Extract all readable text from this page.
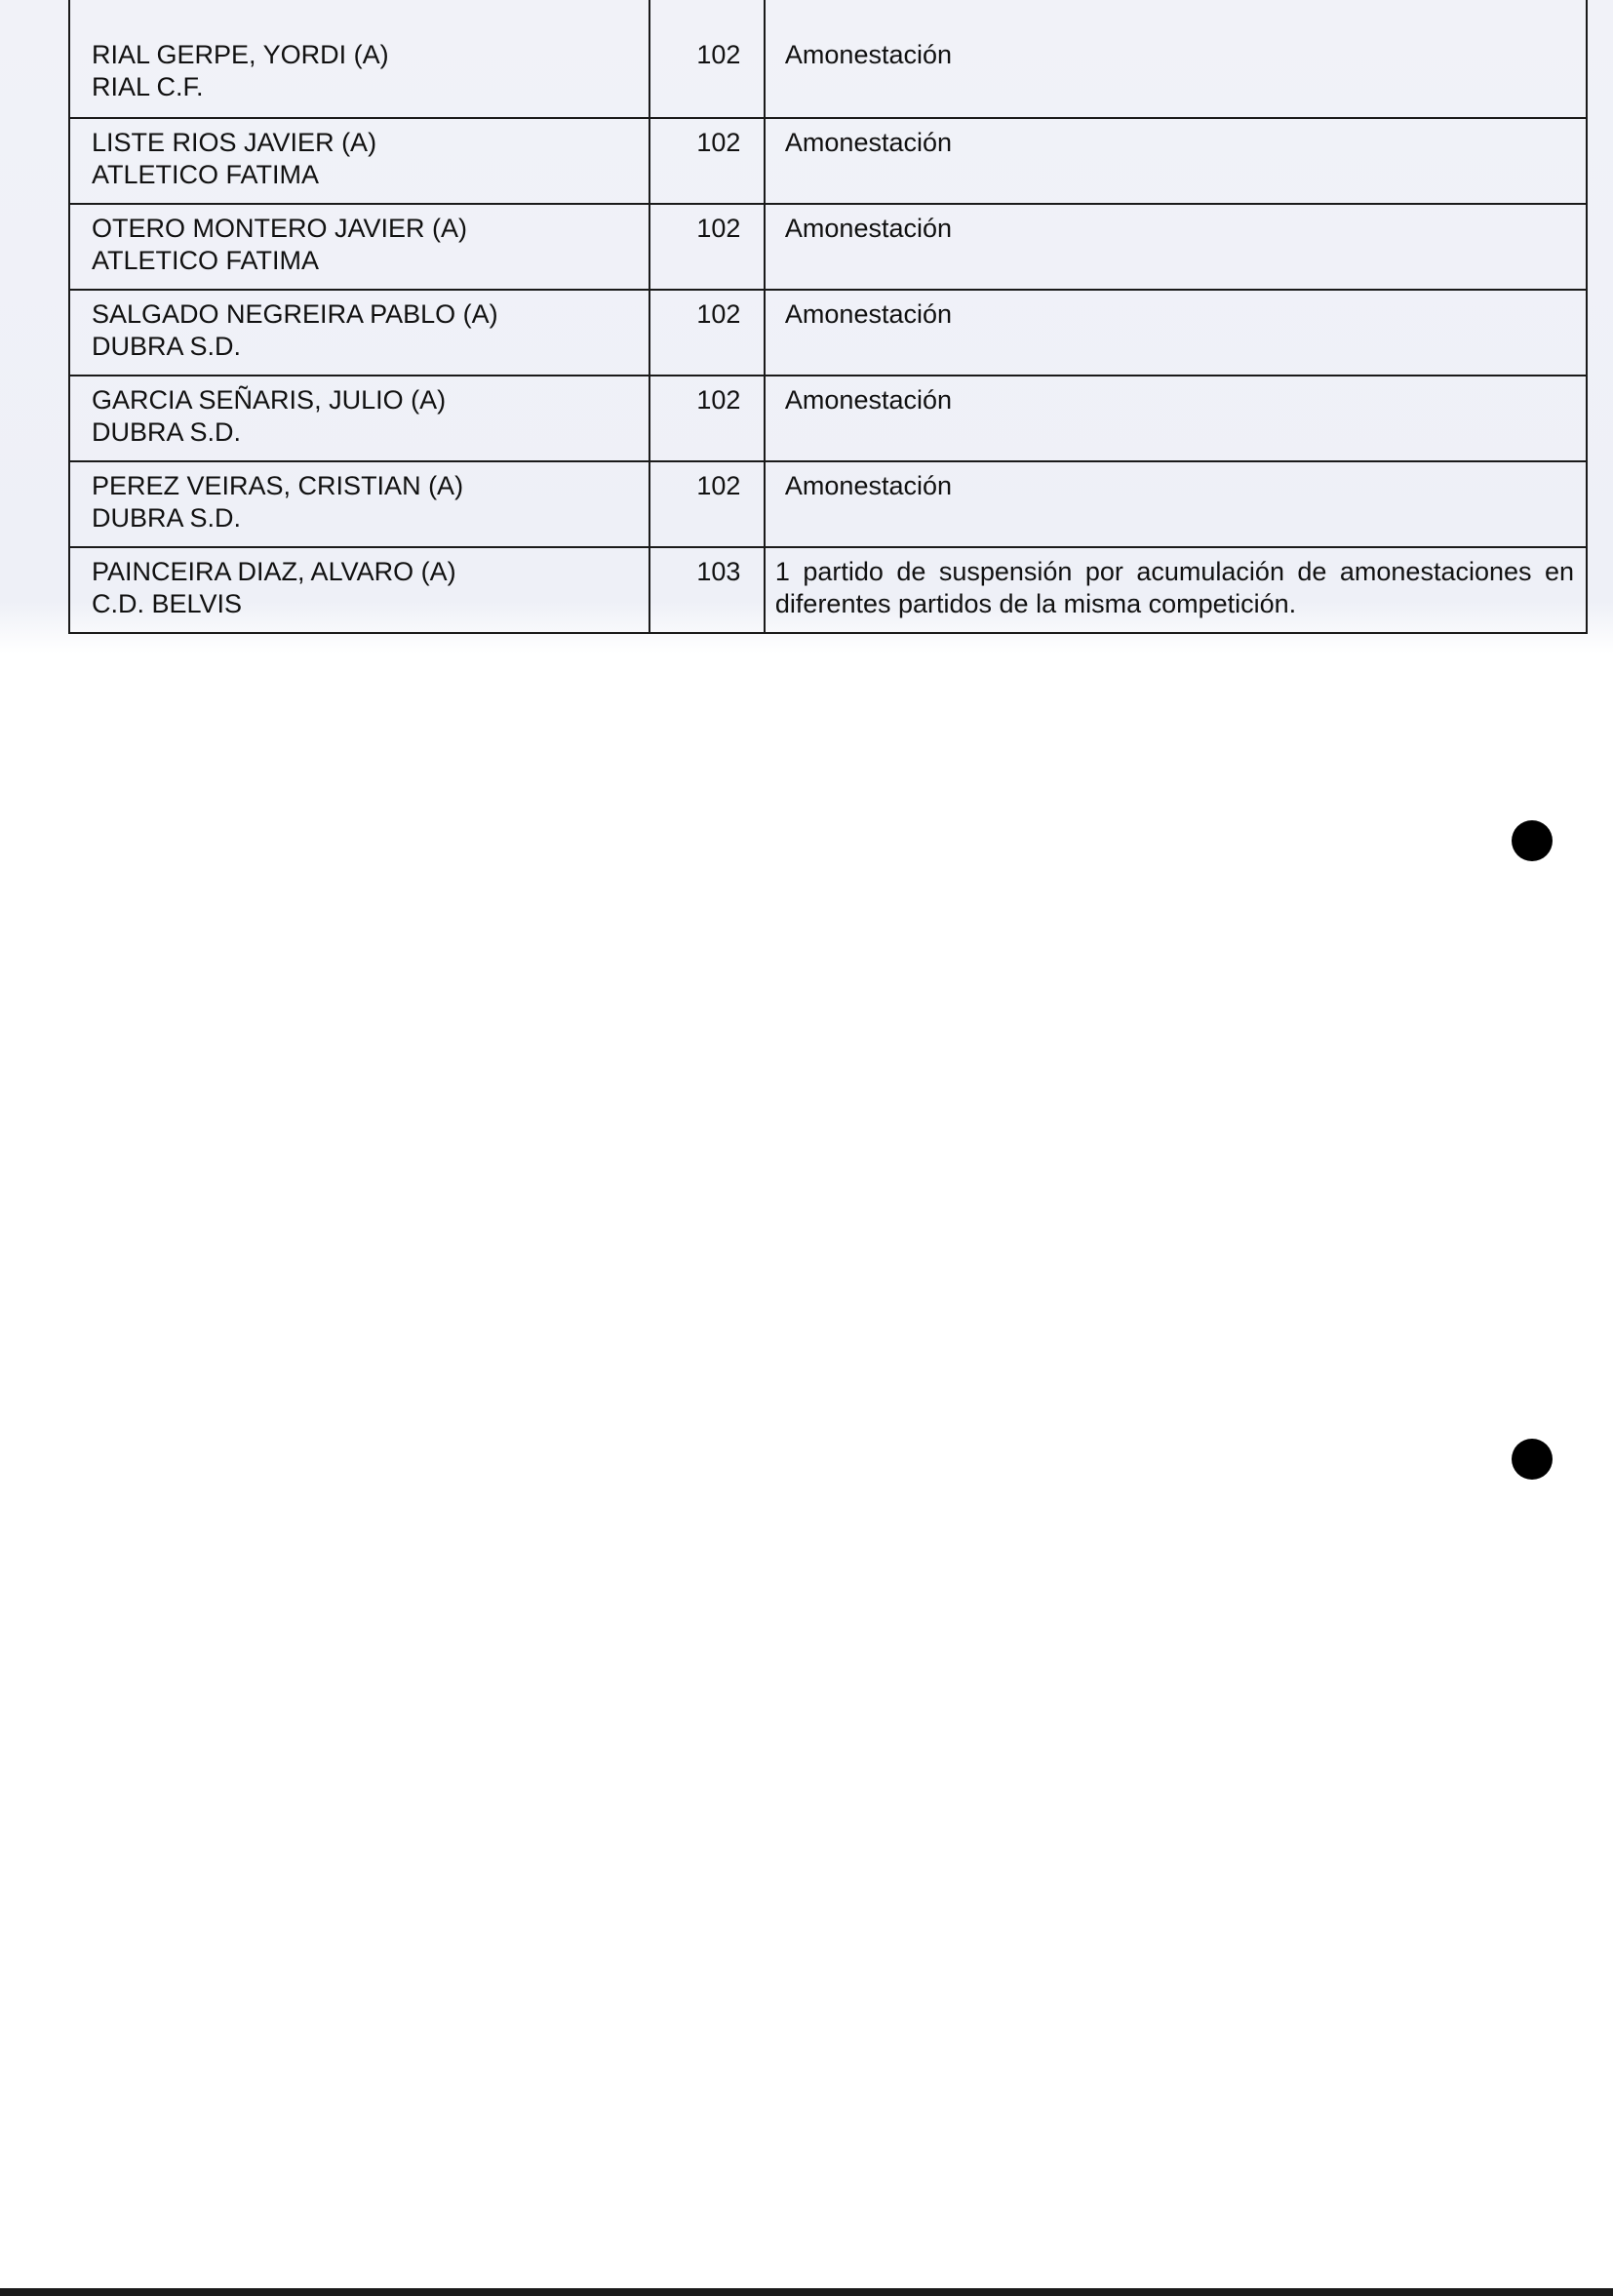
RIAL GERPE, YORDI (A)
RIAL C.F.	102	Amonestación

LISTE RIOS JAVIER (A)
ATLETICO FATIMA	102	Amonestación

OTERO MONTERO JAVIER (A)
ATLETICO FATIMA	102	Amonestación

SALGADO NEGREIRA PABLO (A)
DUBRA S.D.	102	Amonestación

GARCIA SEÑARIS, JULIO (A)
DUBRA S.D.	102	Amonestación

PEREZ VEIRAS, CRISTIAN (A)
DUBRA S.D.	102	Amonestación

PAINCEIRA DIAZ, ALVARO (A)
C.D. BELVIS	103	1 partido de suspensión por acumulación de amonestaciones en diferentes partidos de la misma competición.
